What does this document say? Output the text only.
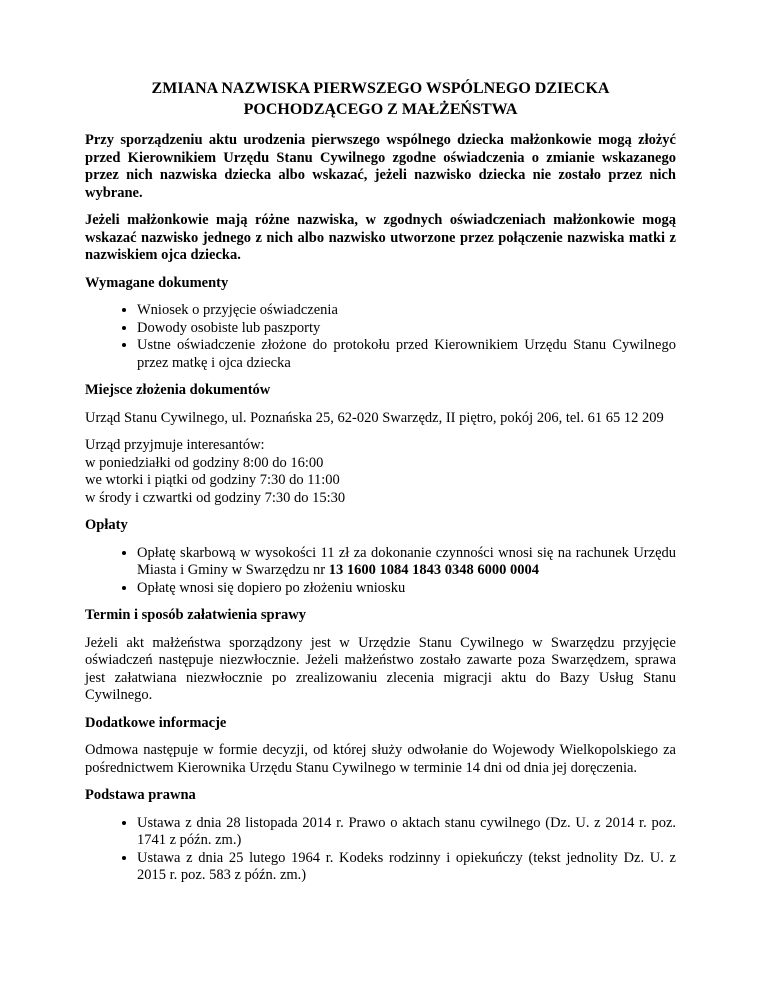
ZMIANA NAZWISKA PIERWSZEGO WSPÓLNEGO DZIECKA
POCHODZĄCEGO Z MAŁŻEŃSTWA

Przy sporządzeniu aktu urodzenia pierwszego wspólnego dziecka małżonkowie mogą złożyć przed Kierownikiem Urzędu Stanu Cywilnego zgodne oświadczenia o zmianie wskazanego przez nich nazwiska dziecka albo wskazać, jeżeli nazwisko dziecka nie zostało przez nich wybrane.

Jeżeli małżonkowie mają różne nazwiska, w zgodnych oświadczeniach małżonkowie mogą wskazać nazwisko jednego z nich albo nazwisko utworzone przez połączenie nazwiska matki z nazwiskiem ojca dziecka.

Wymagane dokumenty
• Wniosek o przyjęcie oświadczenia
• Dowody osobiste lub paszporty
• Ustne oświadczenie złożone do protokołu przed Kierownikiem Urzędu Stanu Cywilnego przez matkę i ojca dziecka
Miejsce złożenia dokumentów

Urząd Stanu Cywilnego, ul. Poznańska 25, 62-020 Swarzędz, II piętro, pokój 206, tel. 61 65 12 209

Urząd przyjmuje interesantów:
w poniedziałki od godziny 8:00 do 16:00
we wtorki i piątki od godziny 7:30 do 11:00
w środy i czwartki od godziny 7:30 do 15:30
Opłaty
• Opłatę skarbową w wysokości 11 zł za dokonanie czynności wnosi się na rachunek Urzędu Miasta i Gminy w Swarzędzu nr 13 1600 1084 1843 0348 6000 0004
• Opłatę wnosi się dopiero po złożeniu wniosku
Termin i sposób załatwienia sprawy

Jeżeli akt małżeństwa sporządzony jest w Urzędzie Stanu Cywilnego w Swarzędzu przyjęcie oświadczeń następuje niezwłocznie. Jeżeli małżeństwo zostało zawarte poza Swarzędzem, sprawa jest załatwiana niezwłocznie po zrealizowaniu zlecenia migracji aktu do Bazy Usług Stanu Cywilnego.

Dodatkowe informacje

Odmowa następuje w formie decyzji, od której służy odwołanie do Wojewody Wielkopolskiego za pośrednictwem Kierownika Urzędu Stanu Cywilnego w terminie 14 dni od dnia jej doręczenia.

Podstawa prawna
• Ustawa z dnia 28 listopada 2014 r. Prawo o aktach stanu cywilnego (Dz. U. z 2014 r. poz. 1741 z późn. zm.)
• Ustawa z dnia 25 lutego 1964 r. Kodeks rodzinny i opiekuńczy (tekst jednolity Dz. U. z 2015 r. poz. 583 z późn. zm.)
